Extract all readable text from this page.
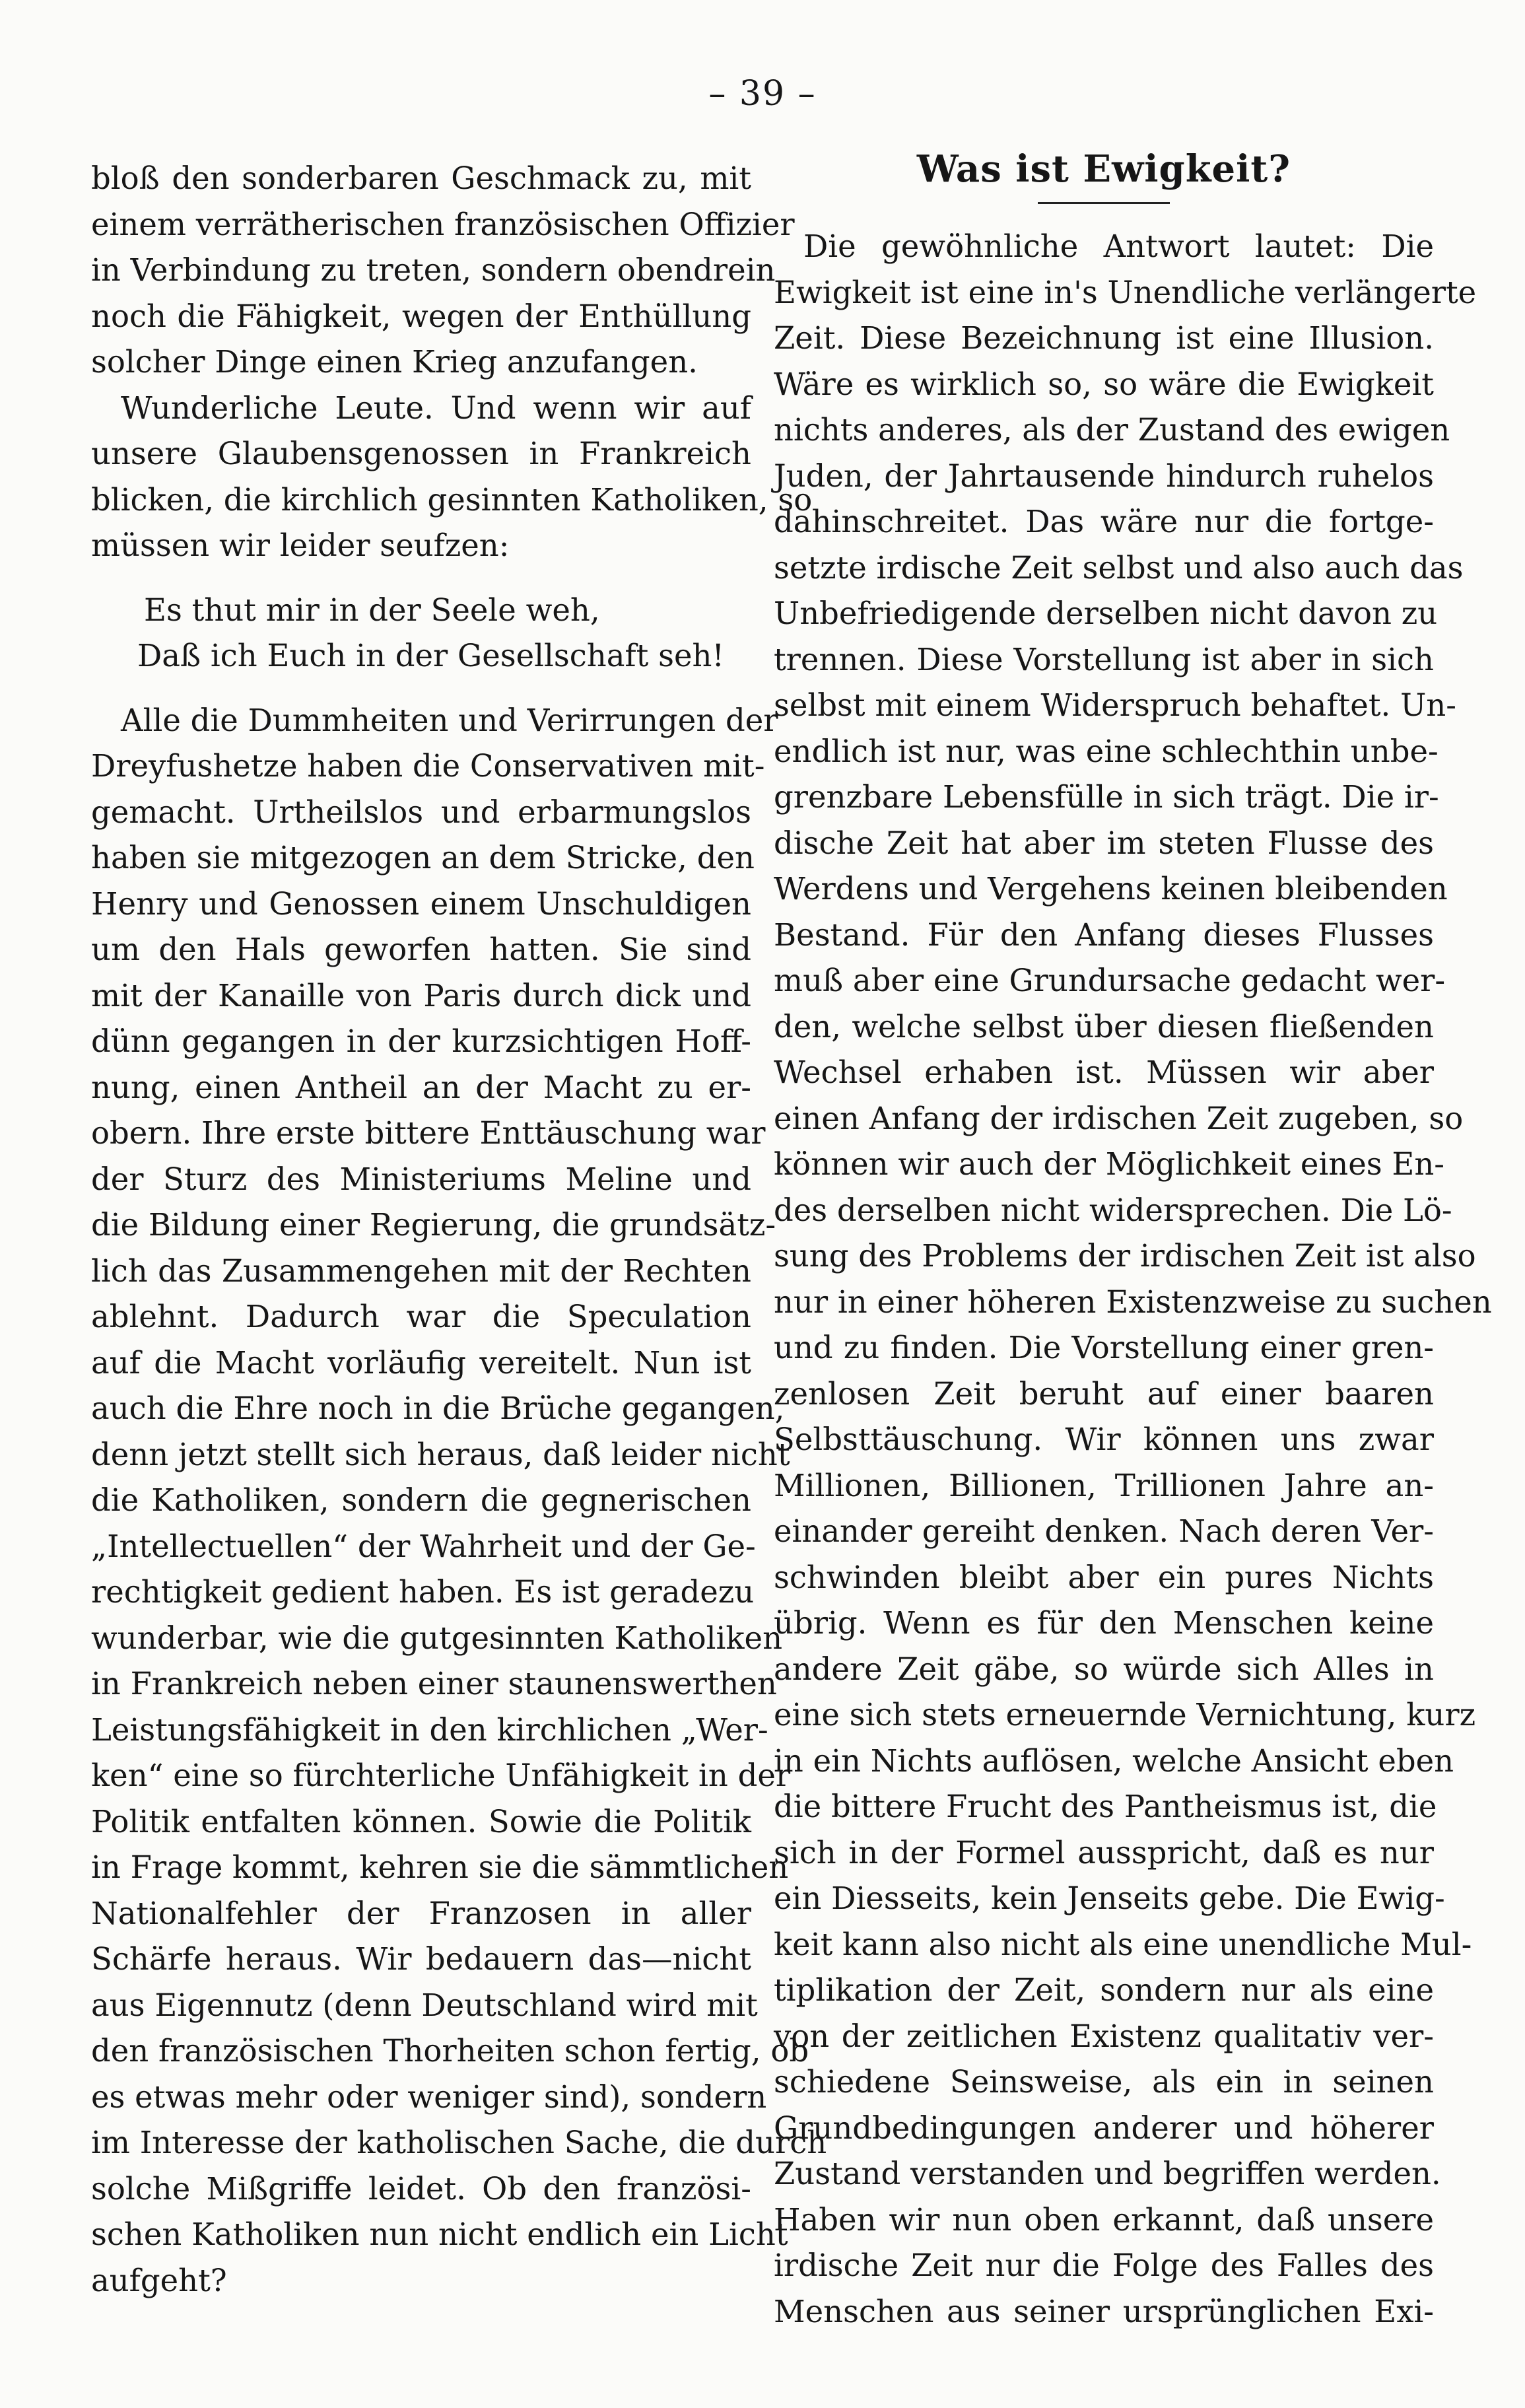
– 39 –
bloß den sonderbaren Geschmack zu, mit
einem verrätherischen französischen Offizier
in Verbindung zu treten, sondern obendrein
noch die Fähigkeit, wegen der Enthüllung
solcher Dinge einen Krieg anzufangen.
Wunderliche Leute. Und wenn wir auf
unsere Glaubensgenossen in Frankreich
blicken, die kirchlich gesinnten Katholiken, so
müssen wir leider seufzen:
Es thut mir in der Seele weh,
Daß ich Euch in der Gesellschaft seh!
Alle die Dummheiten und Verirrungen der
Dreyfushetze haben die Conservativen mit-
gemacht. Urtheilslos und erbarmungslos
haben sie mitgezogen an dem Stricke, den
Henry und Genossen einem Unschuldigen
um den Hals geworfen hatten. Sie sind
mit der Kanaille von Paris durch dick und
dünn gegangen in der kurzsichtigen Hoff-
nung, einen Antheil an der Macht zu er-
obern. Ihre erste bittere Enttäuschung war
der Sturz des Ministeriums Meline und
die Bildung einer Regierung, die grundsätz-
lich das Zusammengehen mit der Rechten
ablehnt. Dadurch war die Speculation
auf die Macht vorläufig vereitelt. Nun ist
auch die Ehre noch in die Brüche gegangen,
denn jetzt stellt sich heraus, daß leider nicht
die Katholiken, sondern die gegnerischen
„Intellectuellen“ der Wahrheit und der Ge-
rechtigkeit gedient haben. Es ist geradezu
wunderbar, wie die gutgesinnten Katholiken
in Frankreich neben einer staunenswerthen
Leistungsfähigkeit in den kirchlichen „Wer-
ken“ eine so fürchterliche Unfähigkeit in der
Politik entfalten können. Sowie die Politik
in Frage kommt, kehren sie die sämmtlichen
Nationalfehler der Franzosen in aller
Schärfe heraus. Wir bedauern das—nicht
aus Eigennutz (denn Deutschland wird mit
den französischen Thorheiten schon fertig, ob
es etwas mehr oder weniger sind), sondern
im Interesse der katholischen Sache, die durch
solche Mißgriffe leidet. Ob den französi-
schen Katholiken nun nicht endlich ein Licht
aufgeht?
Was ist Ewigkeit?
Die gewöhnliche Antwort lautet: Die
Ewigkeit ist eine in's Unendliche verlängerte
Zeit. Diese Bezeichnung ist eine Illusion.
Wäre es wirklich so, so wäre die Ewigkeit
nichts anderes, als der Zustand des ewigen
Juden, der Jahrtausende hindurch ruhelos
dahinschreitet. Das wäre nur die fortge-
setzte irdische Zeit selbst und also auch das
Unbefriedigende derselben nicht davon zu
trennen. Diese Vorstellung ist aber in sich
selbst mit einem Widerspruch behaftet. Un-
endlich ist nur, was eine schlechthin unbe-
grenzbare Lebensfülle in sich trägt. Die ir-
dische Zeit hat aber im steten Flusse des
Werdens und Vergehens keinen bleibenden
Bestand. Für den Anfang dieses Flusses
muß aber eine Grundursache gedacht wer-
den, welche selbst über diesen fließenden
Wechsel erhaben ist. Müssen wir aber
einen Anfang der irdischen Zeit zugeben, so
können wir auch der Möglichkeit eines En-
des derselben nicht widersprechen. Die Lö-
sung des Problems der irdischen Zeit ist also
nur in einer höheren Existenzweise zu suchen
und zu finden. Die Vorstellung einer gren-
zenlosen Zeit beruht auf einer baaren
Selbsttäuschung. Wir können uns zwar
Millionen, Billionen, Trillionen Jahre an-
einander gereiht denken. Nach deren Ver-
schwinden bleibt aber ein pures Nichts
übrig. Wenn es für den Menschen keine
andere Zeit gäbe, so würde sich Alles in
eine sich stets erneuernde Vernichtung, kurz
in ein Nichts auflösen, welche Ansicht eben
die bittere Frucht des Pantheismus ist, die
sich in der Formel ausspricht, daß es nur
ein Diesseits, kein Jenseits gebe. Die Ewig-
keit kann also nicht als eine unendliche Mul-
tiplikation der Zeit, sondern nur als eine
von der zeitlichen Existenz qualitativ ver-
schiedene Seinsweise, als ein in seinen
Grundbedingungen anderer und höherer
Zustand verstanden und begriffen werden.
Haben wir nun oben erkannt, daß unsere
irdische Zeit nur die Folge des Falles des
Menschen aus seiner ursprünglichen Exi-
